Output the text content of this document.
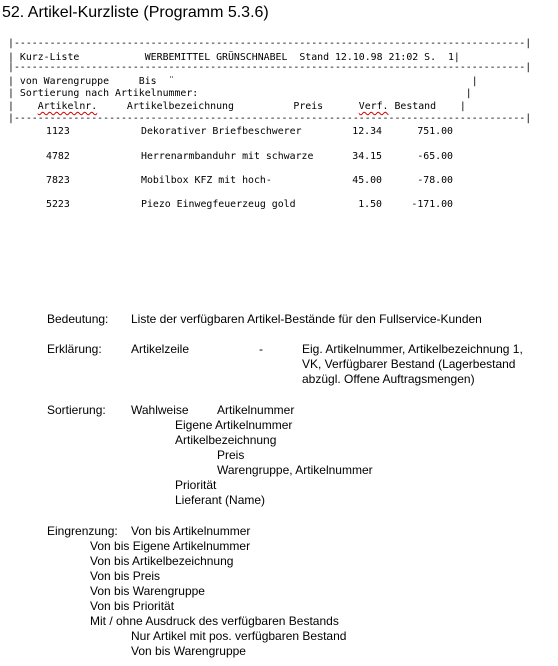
52. Artikel-Kurzliste (Programm 5.3.6)
|--------------------------------------------------------------------------------------|
| Kurz-Liste           WERBEMITTEL GRÜNSCHNABEL  Stand 12.10.98 21:02 S.  1|
|--------------------------------------------------------------------------------------|
| von Warengruppe     Bis  ¨                                                  |
| Sortierung nach Artikelnummer:                                             |
|    Artikelnr.     Artikelbezeichnung          Preis      Verf. Bestand    |
|--------------------------------------------------------------------------------------|
1123	Dekorativer Briefbeschwerer	12.34	751.00
4782	Herrenarmbanduhr mit schwarze	34.15	-65.00
7823	Mobilbox KFZ mit hoch-	45.00	-78.00
5223	Piezo Einwegfeuerzeug gold	1.50	-171.00
Bedeutung: Liste der verfügbaren Artikel-Bestände für den Fullservice-Kunden
Erklärung: Artikelzeile	-	Eig. Artikelnummer, Artikelbezeichnung 1,
VK, Verfügbarer Bestand (Lagerbestand
abzügl. Offene Auftragsmengen)
Sortierung: Wahlweise Artikelnummer
Eigene Artikelnummer
Artikelbezeichnung
Preis
Warengruppe, Artikelnummer
Priorität
Lieferant (Name)
Eingrenzung: Von bis Artikelnummer
Von bis Eigene Artikelnummer
Von bis Artikelbezeichnung
Von bis Preis
Von bis Warengruppe
Von bis Priorität
Mit / ohne Ausdruck des verfügbaren Bestands
Nur Artikel mit pos. verfügbaren Bestand
Von bis Warengruppe
